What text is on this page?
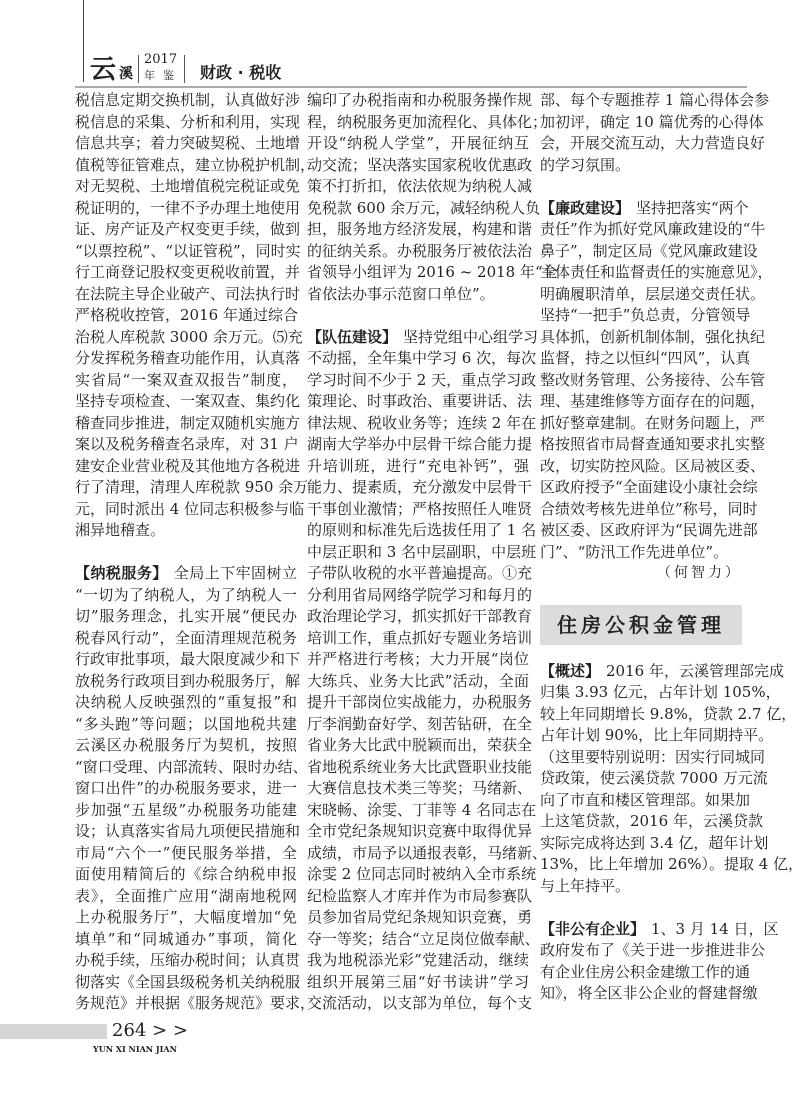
云 溪
2017
年鉴 财政 · 税收
税信息定期交换机制，认真做好涉
税信息的采集、分析和利用，实现
信息共享；着力突破契税、土地增
值税等征管难点，建立协税护机制，
对无契税、土地增值税完税证或免
税证明的，一律不予办理土地使用
证、房产证及产权变更手续，做到
“以票控税”、“以证管税”，同时实
行工商登记股权变更税收前置，并
在法院主导企业破产、司法执行时
严格税收控管，2016 年通过综合
治税人库税款 3000 余万元。⑸充
分发挥税务稽查功能作用，认真落
实省局“一案双查双报告”制度，
坚持专项检查、一案双查、集约化
稽查同步推进，制定双随机实施方
案以及税务稽查名录库，对 31 户
建安企业营业税及其他地方各税进
行了清理，清理人库税款 950 余万
元，同时派出 4 位同志积极参与临
湘异地稽查。
【纳税服务】 全局上下牢固树立
“一切为了纳税人，为了纳税人一
切”服务理念，扎实开展“便民办
税春风行动”，全面清理规范税务
行政审批事项，最大限度减少和下
放税务行政项目到办税服务厅，解
决纳税人反映强烈的“重复报”和
“多头跑”等问题；以国地税共建
云溪区办税服务厅为契机，按照
“窗口受理、内部流转、限时办结、
窗口出件”的办税服务要求，进一
步加强“五星级”办税服务功能建
设；认真落实省局九项便民措施和
市局“六个一”便民服务举措，全
面使用精简后的《综合纳税申报
表》，全面推广应用“湖南地税网
上办税服务厅”，大幅度增加“免
填单”和“同城通办”事项，简化
办税手续，压缩办税时间；认真贯
彻落实《全国县级税务机关纳税服
务规范》并根据《服务规范》要求，
编印了办税指南和办税服务操作规
程，纳税服务更加流程化、具体化；
开设“纳税人学堂”，开展征纳互
动交流；坚决落实国家税收优惠政
策不打折扣，依法依规为纳税人减
免税款 600 余万元，减轻纳税人负
担，服务地方经济发展，构建和谐
的征纳关系。办税服务厅被依法治
省领导小组评为 2016 ~ 2018 年“全
省依法办事示范窗口单位”。
【队伍建设】 坚持党组中心组学习
不动摇，全年集中学习 6 次，每次
学习时间不少于 2 天，重点学习政
策理论、时事政治、重要讲话、法
律法规、税收业务等；连续 2 年在
湖南大学举办中层骨干综合能力提
升培训班，进行“充电补钙”，强
能力、提素质，充分激发中层骨干
干事创业激情；严格按照任人唯贤
的原则和标准先后选拔任用了 1 名
中层正职和 3 名中层副职，中层班
子带队收税的水平普遍提高。①充
分利用省局网络学院学习和每月的
政治理论学习，抓实抓好干部教育
培训工作，重点抓好专题业务培训
并严格进行考核；大力开展“岗位
大练兵、业务大比武”活动，全面
提升干部岗位实战能力，办税服务
厅李润勤奋好学、刻苦钻研，在全
省业务大比武中脱颖而出，荣获全
省地税系统业务大比武暨职业技能
大赛信息技术类三等奖；马绪新、
宋晓畅、涂雯、丁菲等 4 名同志在
全市党纪条规知识竞赛中取得优异
成绩，市局予以通报表彰，马绪新、
涂雯 2 位同志同时被纳入全市系统
纪检监察人才库并作为市局参赛队
员参加省局党纪条规知识竞赛，勇
夺一等奖；结合“立足岗位做奉献、
我为地税添光彩”党建活动，继续
组织开展第三届“好书读讲”学习
交流活动，以支部为单位，每个支
部、每个专题推荐 1 篇心得体会参
加初评，确定 10 篇优秀的心得体
会，开展交流互动，大力营造良好
的学习氛围。
【廉政建设】 坚持把落实“两个
责任”作为抓好党风廉政建设的“牛
鼻子”，制定区局《党风廉政建设
主体责任和监督责任的实施意见》，
明确履职清单，层层递交责任状。
坚持“一把手”负总责，分管领导
具体抓，创新机制体制，强化执纪
监督，持之以恒纠“四风”，认真
整改财务管理、公务接待、公车管
理、基建维修等方面存在的问题，
抓好整章建制。在财务问题上，严
格按照省市局督查通知要求扎实整
改，切实防控风险。区局被区委、
区政府授予“全面建设小康社会综
合绩效考核先进单位”称号，同时
被区委、区政府评为“民调先进部
门”、“防汛工作先进单位”。
（何智力）
住房公积金管理
【概述】 2016 年，云溪管理部完成
归集 3.93 亿元，占年计划 105%，
较上年同期增长 9.8%，贷款 2.7 亿，
占年计划 90%，比上年同期持平。
（这里要特别说明：因实行同城同
贷政策，使云溪贷款 7000 万元流
向了市直和楼区管理部。如果加
上这笔贷款，2016 年，云溪贷款
实际完成将达到 3.4 亿，超年计划
13%，比上年增加 26%）。提取 4 亿，
与上年持平。
【非公有企业】 1、3 月 14 日，区
政府发布了《关于进一步推进非公
有企业住房公积金建缴工作的通
知》，将全区非公企业的督建督缴
264 > >
YUN XI NIAN JIAN
